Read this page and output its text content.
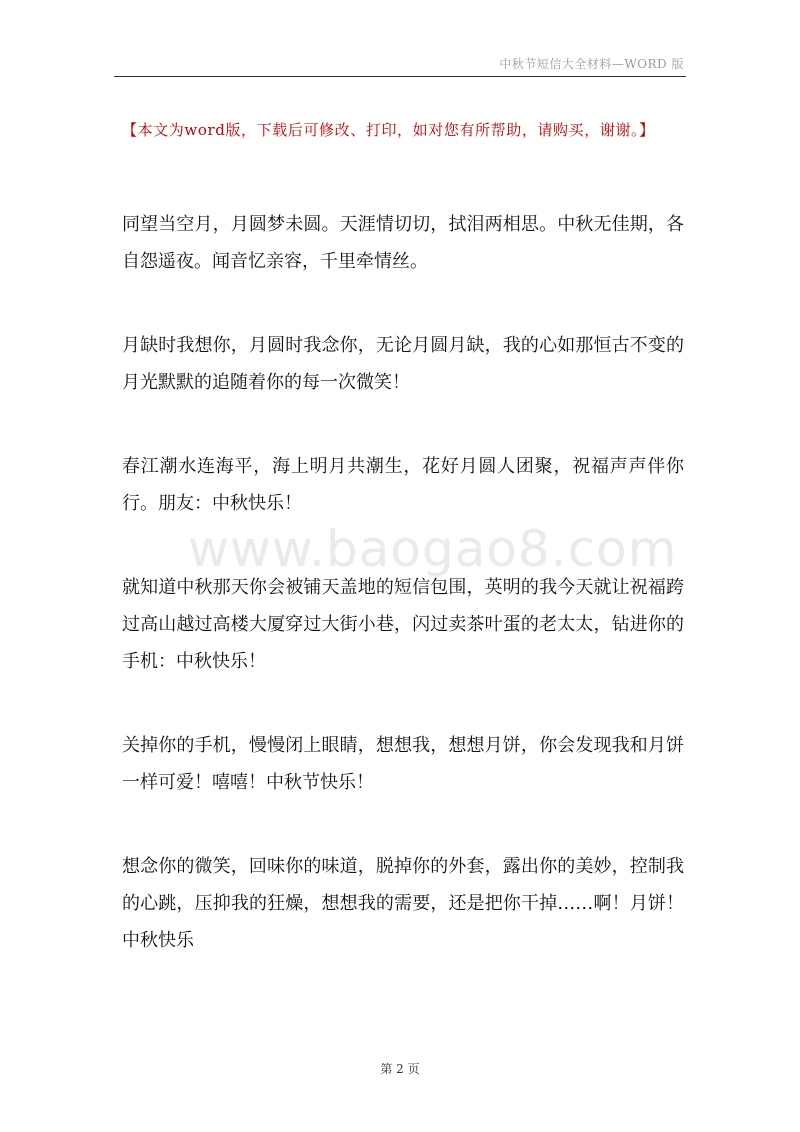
中秋节短信大全材料—WORD 版
【本文为word版，下载后可修改、打印，如对您有所帮助，请购买，谢谢。】
www.baogao8.com

同望当空月，月圆梦未圆。天涯情切切，拭泪两相思。中秋无佳期，各自怨遥夜。闻音忆亲容，千里牵情丝。

月缺时我想你，月圆时我念你，无论月圆月缺，我的心如那恒古不变的月光默默的追随着你的每一次微笑！

春江潮水连海平，海上明月共潮生，花好月圆人团聚，祝福声声伴你行。朋友：中秋快乐！

就知道中秋那天你会被铺天盖地的短信包围，英明的我今天就让祝福跨过高山越过高楼大厦穿过大街小巷，闪过卖茶叶蛋的老太太，钻进你的手机：中秋快乐！

关掉你的手机，慢慢闭上眼睛，想想我，想想月饼，你会发现我和月饼一样可爱！嘻嘻！中秋节快乐！

想念你的微笑，回味你的味道，脱掉你的外套，露出你的美妙，控制我的心跳，压抑我的狂燥，想想我的需要，还是把你干掉……啊！月饼！中秋快乐

第 2 页
